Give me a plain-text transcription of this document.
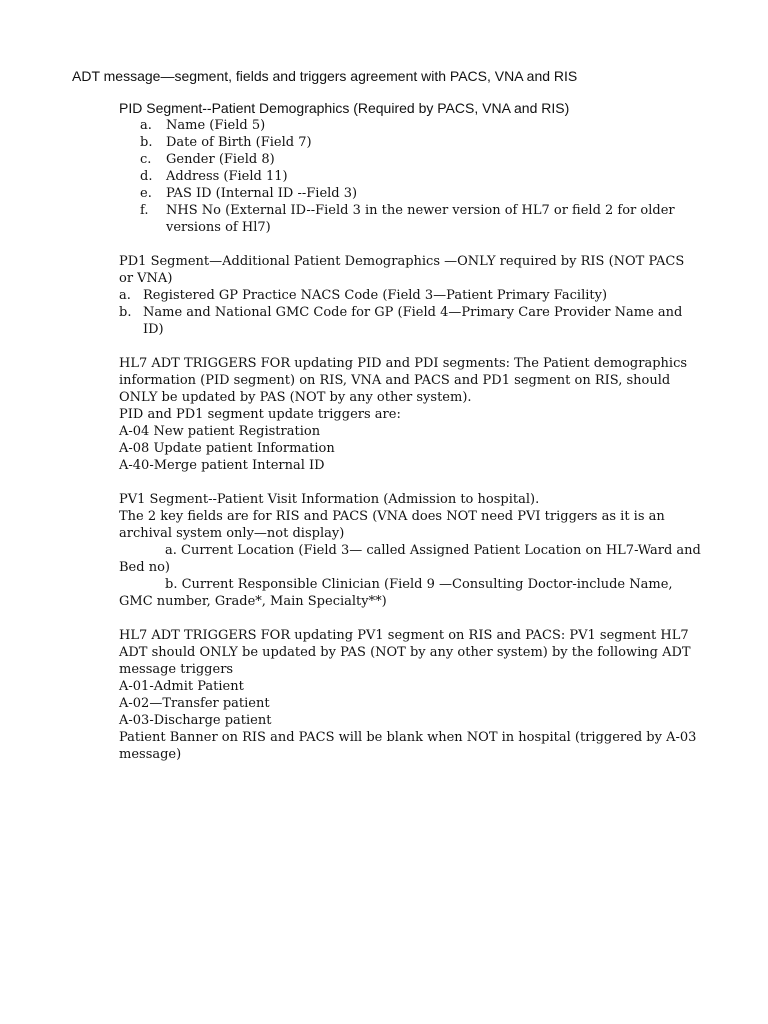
ADT message—segment, fields and triggers agreement with PACS, VNA and RIS
PID Segment--Patient Demographics (Required by PACS, VNA and RIS)
a. Name (Field 5)
b. Date of Birth (Field 7)
c. Gender (Field 8)
d. Address (Field 11)
e. PAS ID (Internal ID --Field 3)
f. NHS No (External ID--Field 3 in the newer version of HL7 or field 2 for older versions of Hl7)
PD1 Segment—Additional Patient Demographics —ONLY required by RIS (NOT PACS or VNA)
a. Registered GP Practice NACS Code (Field 3—Patient Primary Facility)
b. Name and National GMC Code for GP (Field 4—Primary Care Provider Name and ID)
HL7 ADT TRIGGERS FOR updating PID and PDI segments: The Patient demographics information (PID segment) on RIS, VNA and PACS and PD1 segment on RIS, should ONLY be updated by PAS (NOT by any other system).
PID and PD1 segment update triggers are:
A-04 New patient Registration
A-08 Update patient Information
A-40-Merge patient Internal ID
PV1 Segment--Patient Visit Information (Admission to hospital).
The 2 key fields are for RIS and PACS (VNA does NOT need PVI triggers as it is an archival system only—not display)
a. Current Location (Field 3— called Assigned Patient Location on HL7-Ward and Bed no)
b. Current Responsible Clinician (Field 9 —Consulting Doctor-include Name, GMC number, Grade*, Main Specialty**)
HL7 ADT TRIGGERS FOR updating PV1 segment on RIS and PACS: PV1 segment HL7 ADT should ONLY be updated by PAS (NOT by any other system) by the following ADT message triggers
A-01-Admit Patient
A-02—Transfer patient
A-03-Discharge patient
Patient Banner on RIS and PACS will be blank when NOT in hospital (triggered by A-03 message)
